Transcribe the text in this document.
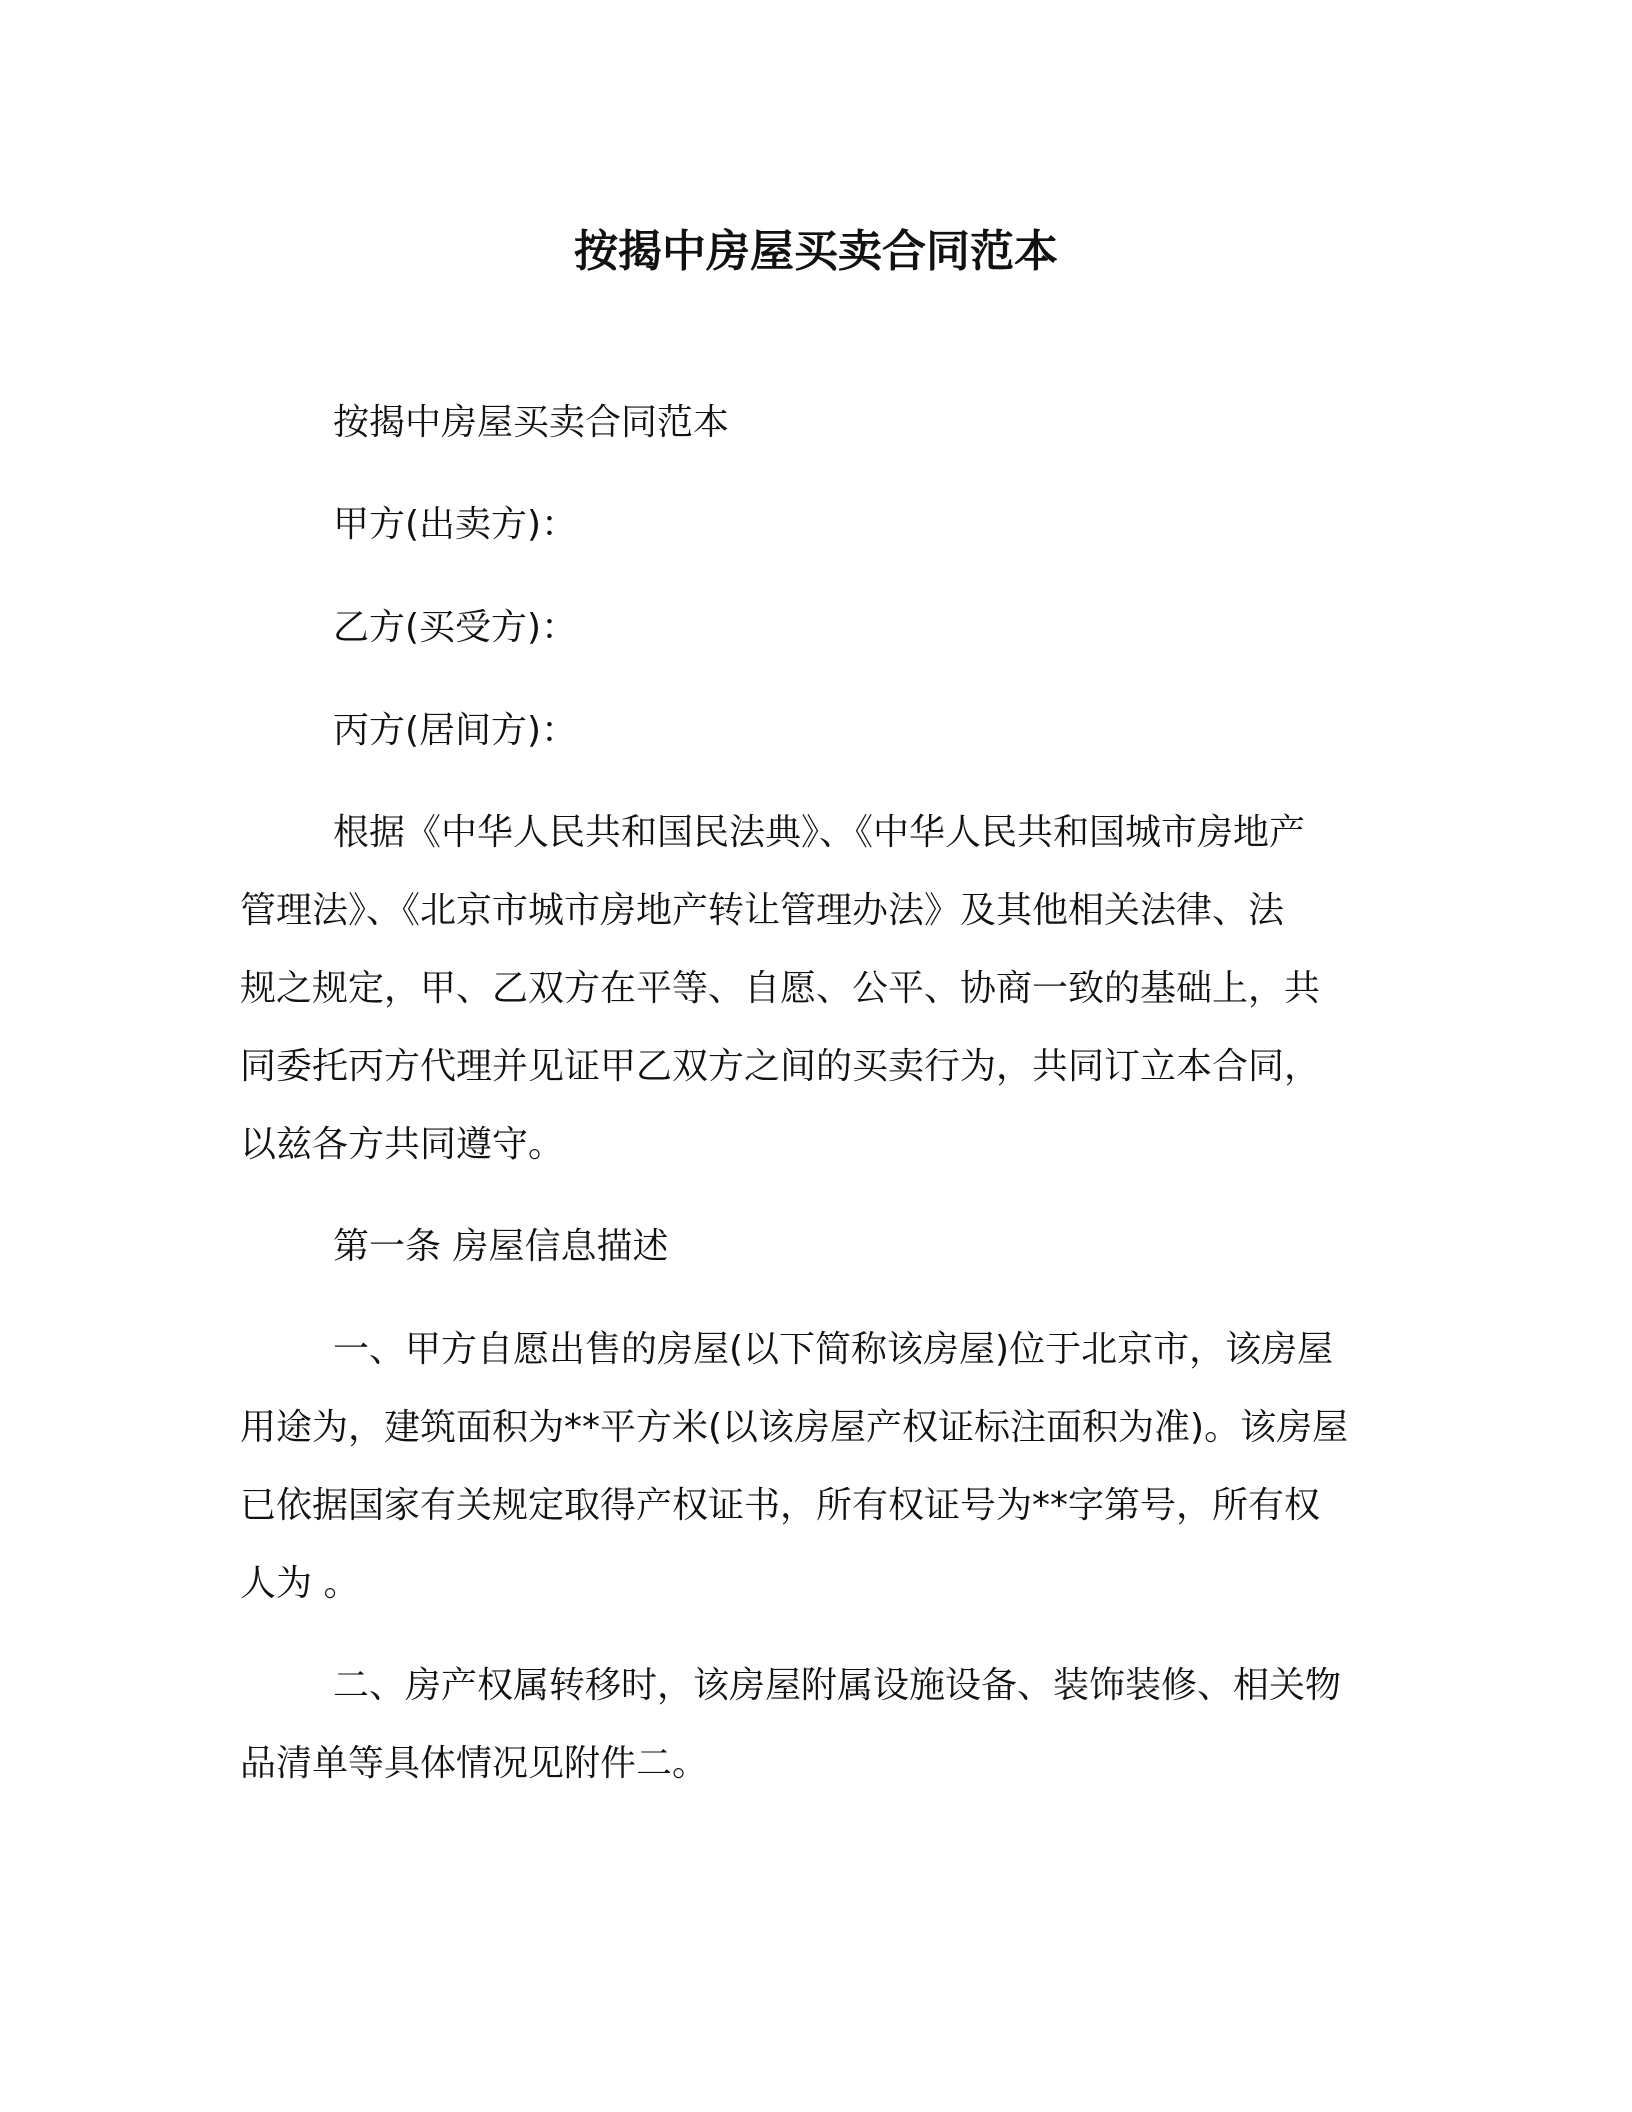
按揭中房屋买卖合同范本
按揭中房屋买卖合同范本
甲方(出卖方)：
乙方(买受方)：
丙方(居间方)：
根据《中华人民共和国民法典》、《中华人民共和国城市房地产
管理法》、《北京市城市房地产转让管理办法》及其他相关法律、法
规之规定，甲、乙双方在平等、自愿、公平、协商一致的基础上，共
同委托丙方代理并见证甲乙双方之间的买卖行为，共同订立本合同，
以兹各方共同遵守。
第一条 房屋信息描述
一、甲方自愿出售的房屋(以下简称该房屋)位于北京市，该房屋
用途为，建筑面积为**平方米(以该房屋产权证标注面积为准)。该房屋
已依据国家有关规定取得产权证书，所有权证号为**字第号，所有权
人为 。
二、房产权属转移时，该房屋附属设施设备、装饰装修、相关物
品清单等具体情况见附件二。
